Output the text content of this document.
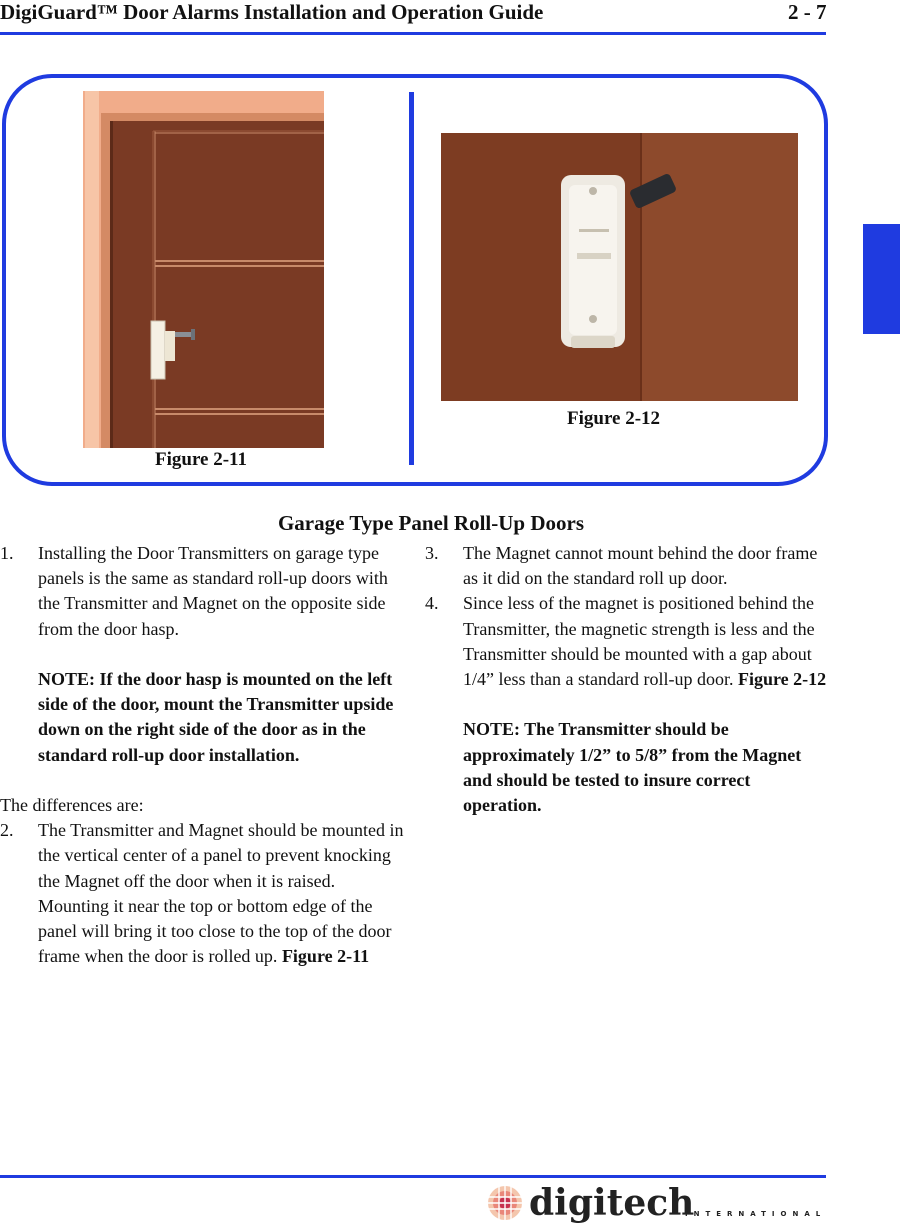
DigiGuard™ Door Alarms Installation and Operation Guide	2 - 7
Figure 2-11
Figure 2-12
Garage Type Panel Roll-Up Doors

1. Installing the Door Transmitters on garage type panels is the same as standard roll-up doors with the Transmitter and Magnet on the opposite side from the door hasp.

NOTE: If the door hasp is mounted on the left side of the door, mount the Transmitter upside down on the right side of the door as in the standard roll-up door installation.

The differences are:

2. The Transmitter and Magnet should be mounted in the vertical center of a panel to prevent knocking the Magnet off the door when it is raised. Mounting it near the top or bottom edge of the panel will bring it too close to the top of the door frame when the door is rolled up. Figure 2-11

3. The Magnet cannot mount behind the door frame as it did on the standard roll up door.

4. Since less of the magnet is positioned behind the Transmitter, the magnetic strength is less and the Transmitter should be mounted with a gap about 1/4” less than a standard roll-up door. Figure 2-12

NOTE: The Transmitter should be approximately 1/2” to 5/8” from the Magnet and should be tested to insure correct operation.

digitech
INTERNATIONAL
